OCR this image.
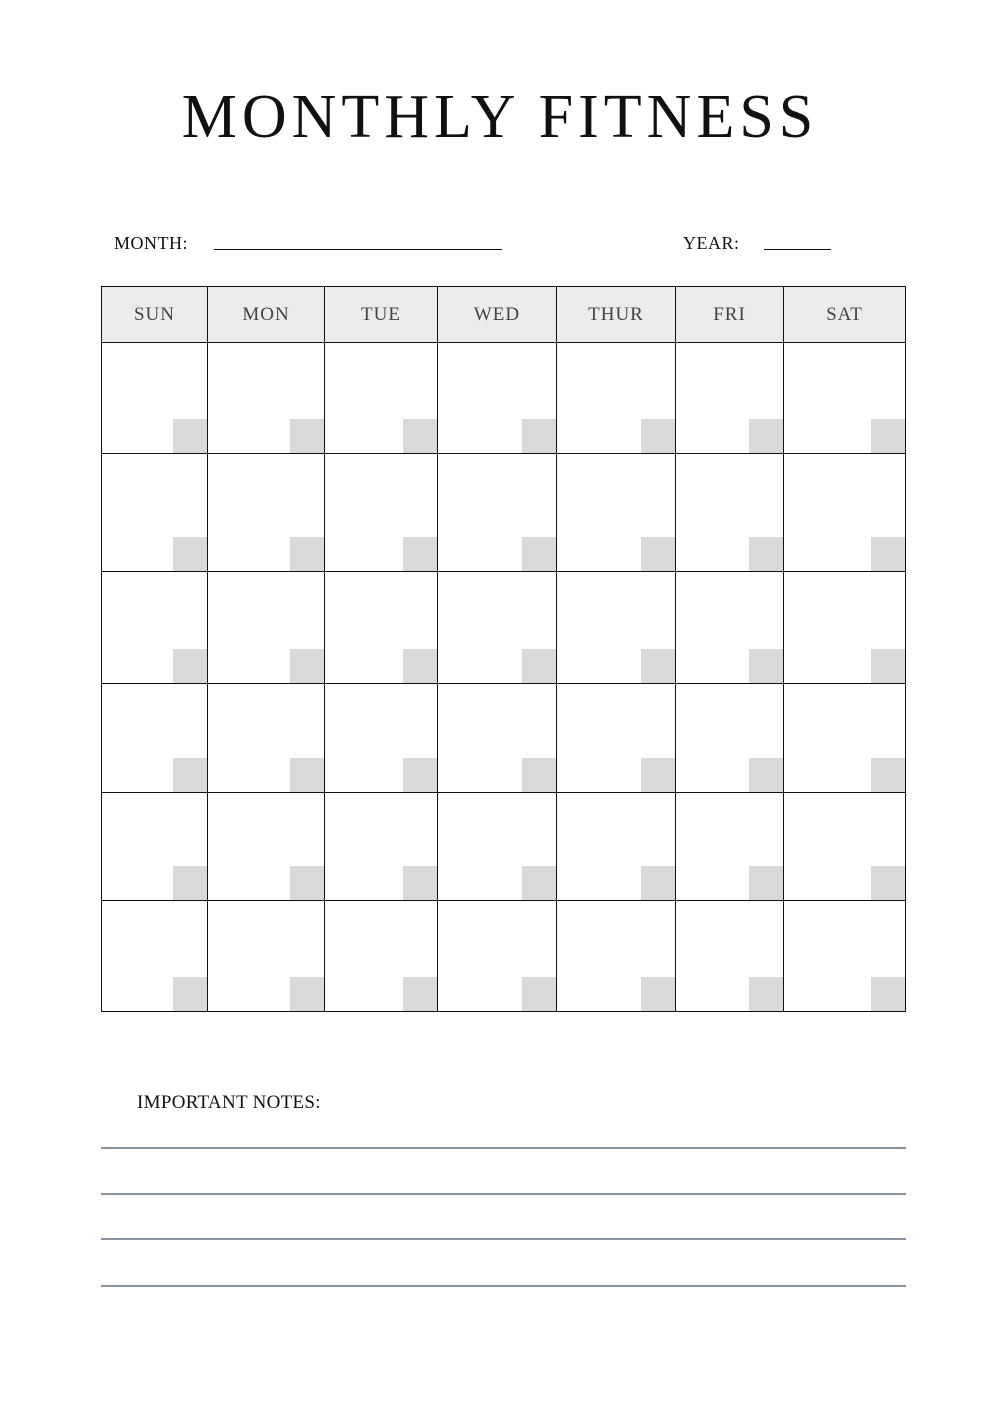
MONTHLY FITNESS
MONTH:	YEAR:
SUN	MON	TUE	WED	THUR	FRI	SAT

IMPORTANT NOTES:
